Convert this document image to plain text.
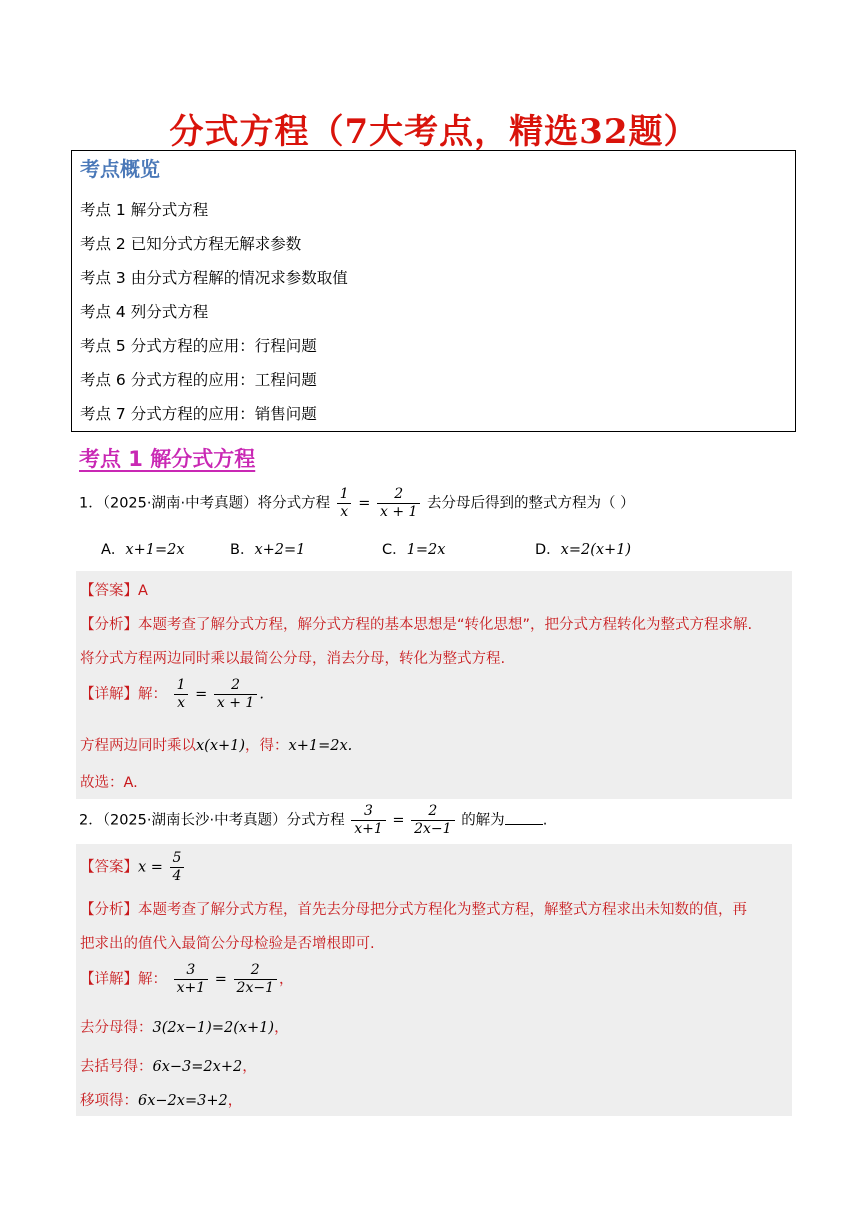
分式方程（7大考点，精选32题）
考点概览
考点 1 解分式方程
考点 2 已知分式方程无解求参数
考点 3 由分式方程解的情况求参数取值
考点 4 列分式方程
考点 5 分式方程的应用：行程问题
考点 6 分式方程的应用：工程问题
考点 7 分式方程的应用：销售问题
考点 1 解分式方程
1．（2025·湖南·中考真题）将分式方程 $\frac{1}{x} = \frac{2}{x + 1}$ 去分母后得到的整式方程为（ ）
A．x+1=2x	B．x+2=1	C．1=2x	D．x=2(x+1)
【答案】A
【分析】本题考查了解分式方程，解分式方程的基本思想是“转化思想”，把分式方程转化为整式方程求解.
将分式方程两边同时乘以最简公分母，消去分母，转化为整式方程.
【详解】解： $\frac{1}{x} = \frac{2}{x + 1}$ .
方程两边同时乘以x(x+1)，得：x+1=2x.
故选：A.
2．（2025·湖南长沙·中考真题）分式方程 $\frac{3}{x+1} = \frac{2}{2x-1}$ 的解为	.
【答案】$x = \frac{5}{4}$
【分析】本题考查了解分式方程，首先去分母把分式方程化为整式方程，解整式方程求出未知数的值，再
把求出的值代入最简公分母检验是否增根即可.
【详解】解： $\frac{3}{x+1} = \frac{2}{2x-1}$ ，
去分母得：3(2x−1)=2(x+1)，
去括号得：6x−3=2x+2，
移项得：6x−2x=3+2，
